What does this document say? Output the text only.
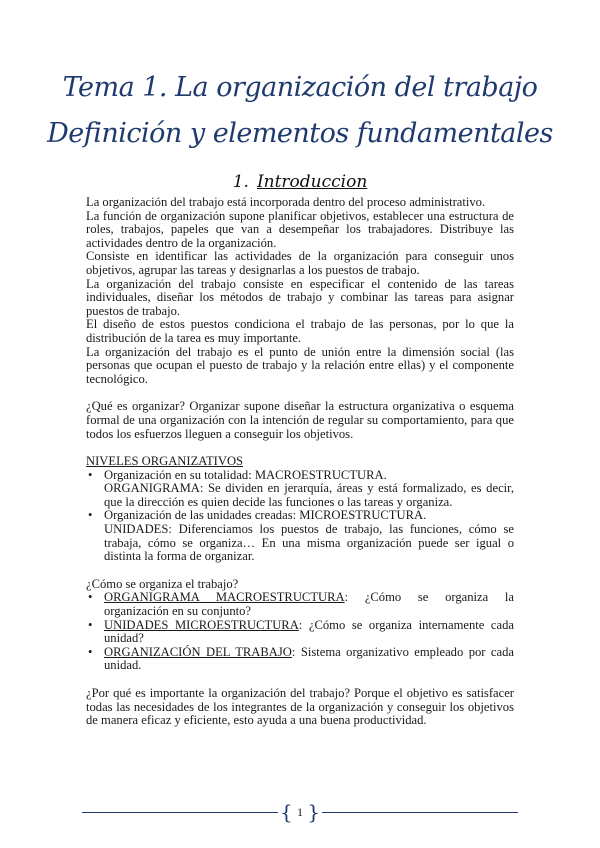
Tema 1. La organización del trabajo
Definición y elementos fundamentales
1. Introduccion

La organización del trabajo está incorporada dentro del proceso administrativo.

La función de organización supone planificar objetivos, establecer una estructura de roles, trabajos, papeles que van a desempeñar los trabajadores. Distribuye las actividades dentro de la organización.

Consiste en identificar las actividades de la organización para conseguir unos objetivos, agrupar las tareas y designarlas a los puestos de trabajo.

La organización del trabajo consiste en especificar el contenido de las tareas individuales, diseñar los métodos de trabajo y combinar las tareas para asignar puestos de trabajo.

El diseño de estos puestos condiciona el trabajo de las personas, por lo que la distribución de la tarea es muy importante.

La organización del trabajo es el punto de unión entre la dimensión social (las personas que ocupan el puesto de trabajo y la relación entre ellas) y el componente tecnológico.

¿Qué es organizar? Organizar supone diseñar la estructura organizativa o esquema formal de una organización con la intención de regular su comportamiento, para que todos los esfuerzos lleguen a conseguir los objetivos.

NIVELES ORGANIZATIVOS

• Organización en su totalidad: MACROESTRUCTURA.
ORGANIGRAMA: Se dividen en jerarquía, áreas y está formalizado, es decir, que la dirección es quien decide las funciones o las tareas y organiza.
• Organización de las unidades creadas: MICROESTRUCTURA.
UNIDADES: Diferenciamos los puestos de trabajo, las funciones, cómo se trabaja, cómo se organiza… En una misma organización puede ser igual o distinta la forma de organizar.

¿Cómo se organiza el trabajo?

• ORGANIGRAMA MACROESTRUCTURA: ¿Cómo se organiza la organización en su conjunto?
• UNIDADES MICROESTRUCTURA: ¿Cómo se organiza internamente cada unidad?
• ORGANIZACIÓN DEL TRABAJO: Sistema organizativo empleado por cada unidad.

¿Por qué es importante la organización del trabajo? Porque el objetivo es satisfacer todas las necesidades de los integrantes de la organización y conseguir los objetivos de manera eficaz y eficiente, esto ayuda a una buena productividad.

{ 1 }
